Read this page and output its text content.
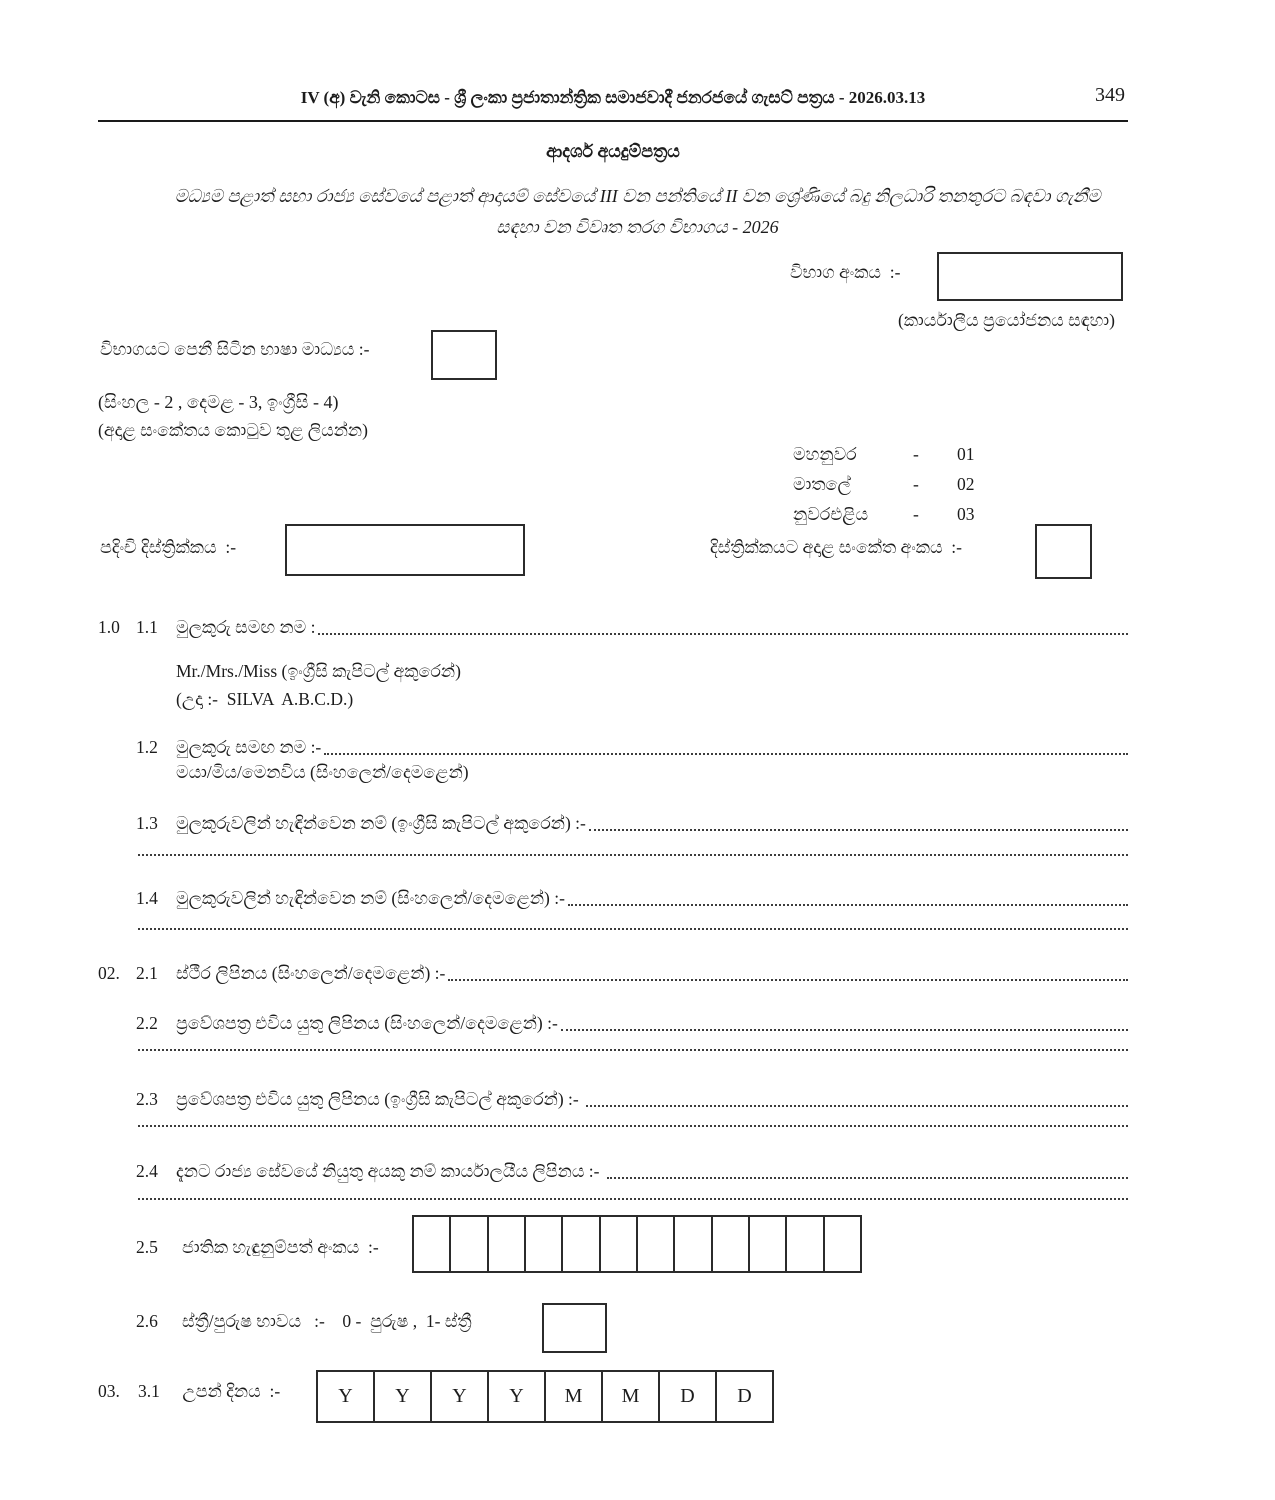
349
IV (අ) වැනි කොටස - ශ්‍රී ලංකා ප්‍රජාතාන්ත්‍රික සමාජවාදී ජනරජයේ ගැසට් පත්‍රය - 2026.03.13
ආදර්ශ අයදුම්පත්‍රය
මධ්‍යම පළාත් සභා රාජ්‍ය සේවයේ පළාත් ආදායම් සේවයේ III වන පන්තියේ II වන ශ්‍රේණියේ බදු නිලධාරි තනතුරට බඳවා ගැනීම
සඳහා වන විවෘත තරග විභාගය - 2026
විභාග අංකය  :-
(කාර්යාලීය ප්‍රයෝජනය සඳහා)
විභාගයට පෙනී සිටින භාෂා මාධ්‍යය :-
(සිංහල - 2 , දෙමළ - 3, ඉංග්‍රීසි - 4)
(අදාළ සංකේතය කොටුව තුළ ලියන්න)
මහනුවර	-	01
මාතලේ	-	02
නුවරඑළිය	-	03
පදිංචි දිස්ත්‍රික්කය  :-	දිස්ත්‍රික්කයට අදාළ සංකේත අංකය  :-
1.0 1.1	මුලකුරු සමඟ නම :
Mr./Mrs./Miss (ඉංග්‍රීසි කැපිටල් අකුරෙන්)
(උදා :-  SILVA  A.B.C.D.)
1.2	මුලකුරු සමඟ නම :-
මයා/මිය/මෙනවිය (සිංහලෙන්/දෙමළෙන්)
1.3	මුලකුරුවලින් හැඳින්වෙන නම් (ඉංග්‍රීසි කැපිටල් අකුරෙන්) :-
1.4	මුලකුරුවලින් හැඳින්වෙන නම් (සිංහලෙන්/දෙමළෙන්) :-
02. 2.1	ස්ථීර ලිපිනය (සිංහලෙන්/දෙමළෙන්) :-
2.2	ප්‍රවේශපත්‍ර එවිය යුතු ලිපිනය (සිංහලෙන්/දෙමළෙන්) :-
2.3	ප්‍රවේශපත්‍ර එවිය යුතු ලිපිනය (ඉංග්‍රීසි කැපිටල් අකුරෙන්) :-
2.4	දැනට රාජ්‍ය සේවයේ නියුතු අයකු නම් කාර්යාලයීය ලිපිනය :-
2.5	ජාතික හැඳුනුම්පත් අංකය  :-
2.6	ස්ත්‍රී/පුරුෂ භාවය   :-    0 -  පුරුෂ ,  1- ස්ත්‍රී
03.	3.1	උපන් දිනය  :-	Y	Y	Y	Y	M	M	D	D
